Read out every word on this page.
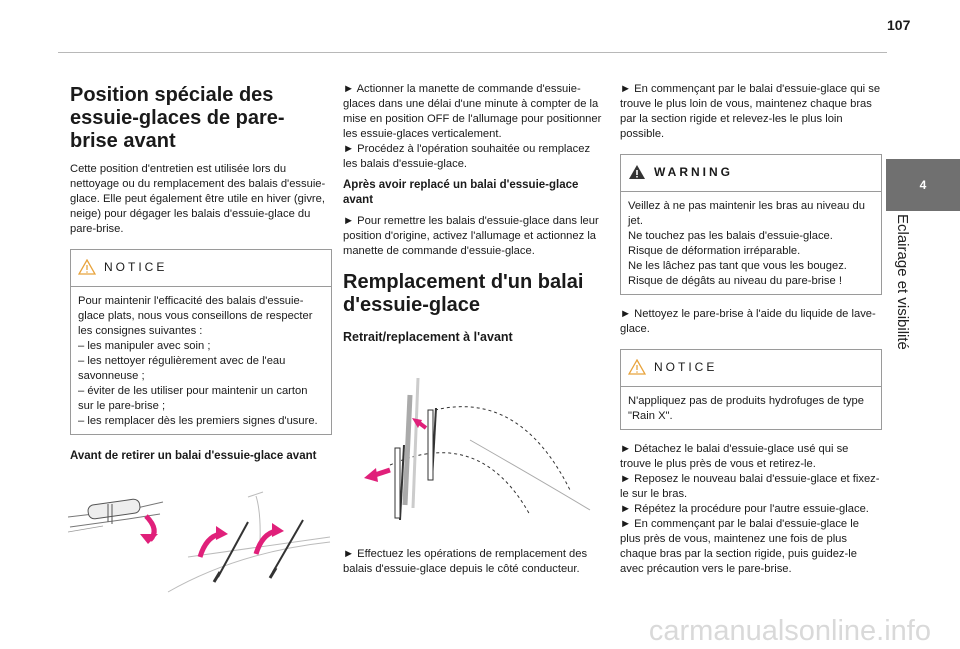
107
4
Eclairage et visibilité
Position spéciale des essuie-glaces de pare-brise avant

Cette position d'entretien est utilisée lors du nettoyage ou du remplacement des balais d'essuie-glace. Elle peut également être utile en hiver (givre, neige) pour dégager les balais d'essuie-glace du pare-brise.

NOTICE

Pour maintenir l'efficacité des balais d'essuie-glace plats, nous vous conseillons de respecter les consignes suivantes :

– les manipuler avec soin ;

– les nettoyer régulièrement avec de l'eau savonneuse ;

– éviter de les utiliser pour maintenir un carton sur le pare-brise ;

– les remplacer dès les premiers signes d'usure.

Avant de retirer un balai d'essuie-glace avant

► Actionner la manette de commande d'essuie-glaces dans une délai d'une minute à compter de la mise en position OFF de l'allumage pour positionner les essuie-glaces verticalement.

► Procédez à l'opération souhaitée ou remplacez les balais d'essuie-glace.

Après avoir replacé un balai d'essuie-glace avant

► Pour remettre les balais d'essuie-glace dans leur position d'origine, activez l'allumage et actionnez la manette de commande d'essuie-glace.

Remplacement d'un balai d'essuie-glace
Retrait/replacement à l'avant

► Effectuez les opérations de remplacement des balais d'essuie-glace depuis le côté conducteur.

► En commençant par le balai d'essuie-glace qui se trouve le plus loin de vous, maintenez chaque bras par la section rigide et relevez-les le plus loin possible.

WARNING

Veillez à ne pas maintenir les bras au niveau du jet.

Ne touchez pas les balais d'essuie-glace.

Risque de déformation irréparable.

Ne les lâchez pas tant que vous les bougez.

Risque de dégâts au niveau du pare-brise !

► Nettoyez le pare-brise à l'aide du liquide de lave-glace.

NOTICE

N'appliquez pas de produits hydrofuges de type "Rain X".

► Détachez le balai d'essuie-glace usé qui se trouve le plus près de vous et retirez-le.

► Reposez le nouveau balai d'essuie-glace et fixez-le sur le bras.

► Répétez la procédure pour l'autre essuie-glace.

► En commençant par le balai d'essuie-glace le plus près de vous, maintenez une fois de plus chaque bras par la section rigide, puis guidez-le avec précaution vers le pare-brise.

carmanualsonline.info
